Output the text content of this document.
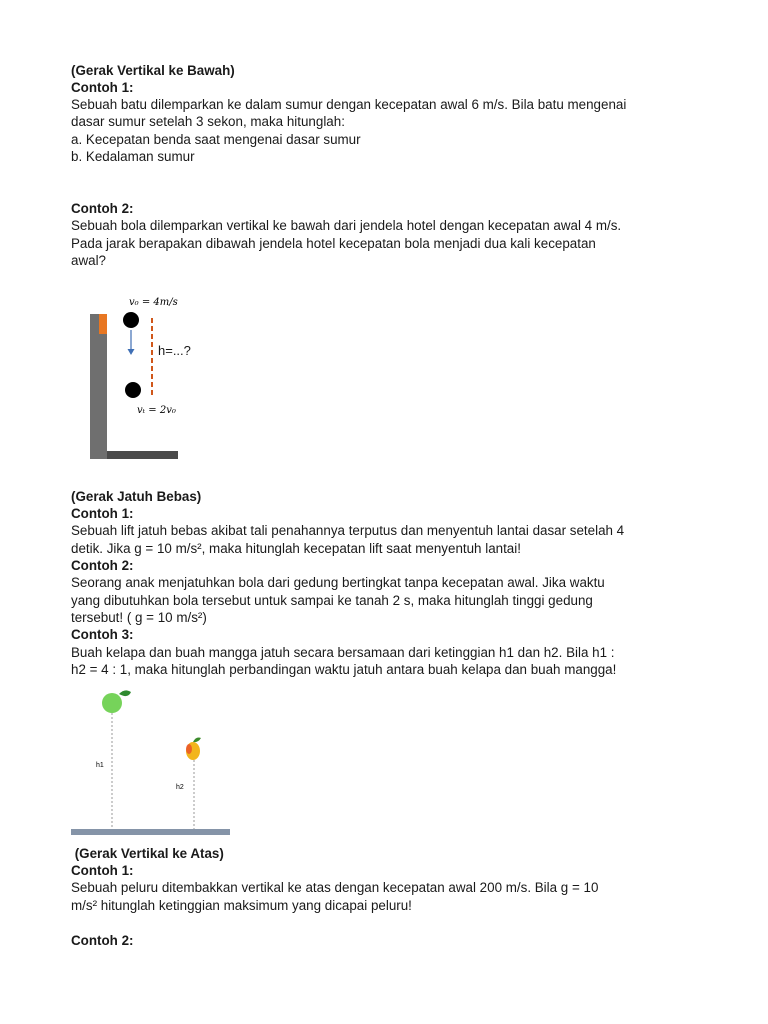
(Gerak Vertikal ke Bawah)

Contoh 1:

Sebuah batu dilemparkan ke dalam sumur dengan kecepatan awal 6 m/s. Bila batu mengenai

dasar sumur setelah 3 sekon, maka hitunglah:

a. Kecepatan benda saat mengenai dasar sumur

b. Kedalaman sumur

Contoh 2:

Sebuah bola dilemparkan vertikal ke bawah dari jendela hotel dengan kecepatan awal 4 m/s.

Pada jarak berapakan dibawah jendela hotel kecepatan bola menjadi dua kali kecepatan

awal?

v₀ = 4m/s
vₜ = 2v₀
h=...?

(Gerak Jatuh Bebas)

Contoh 1:

Sebuah lift jatuh bebas akibat tali penahannya terputus dan menyentuh lantai dasar setelah 4

detik. Jika g = 10 m/s², maka hitunglah kecepatan lift saat menyentuh lantai!

Contoh 2:

Seorang anak menjatuhkan bola dari gedung bertingkat tanpa kecepatan awal. Jika waktu

yang dibutuhkan bola tersebut untuk sampai ke tanah 2 s, maka hitunglah tinggi gedung

tersebut! ( g = 10 m/s²)

Contoh 3:

Buah kelapa dan buah mangga jatuh secara bersamaan dari ketinggian h1 dan h2. Bila h1 :

h2 = 4 : 1, maka hitunglah perbandingan waktu jatuh antara buah kelapa dan buah mangga!

h1
h2

(Gerak Vertikal ke Atas)

Contoh 1:

Sebuah peluru ditembakkan vertikal ke atas dengan kecepatan awal 200 m/s. Bila g = 10

m/s² hitunglah ketinggian maksimum yang dicapai peluru!

Contoh 2:
